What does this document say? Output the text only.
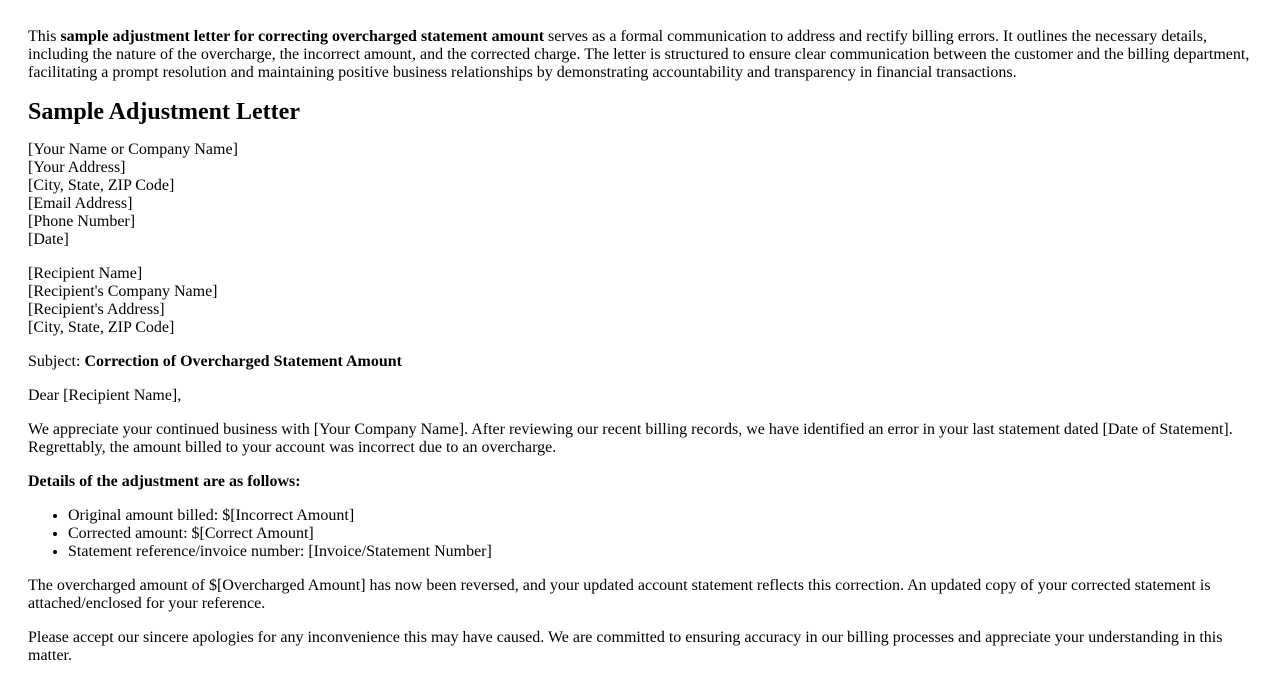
This sample adjustment letter for correcting overcharged statement amount serves as a formal communication to address and rectify billing errors. It outlines the necessary details, including the nature of the overcharge, the incorrect amount, and the corrected charge. The letter is structured to ensure clear communication between the customer and the billing department, facilitating a prompt resolution and maintaining positive business relationships by demonstrating accountability and transparency in financial transactions.

Sample Adjustment Letter

[Your Name or Company Name]
[Your Address]
[City, State, ZIP Code]
[Email Address]
[Phone Number]
[Date]

[Recipient Name]
[Recipient's Company Name]
[Recipient's Address]
[City, State, ZIP Code]

Subject: Correction of Overcharged Statement Amount

Dear [Recipient Name],

We appreciate your continued business with [Your Company Name]. After reviewing our recent billing records, we have identified an error in your last statement dated [Date of Statement]. Regrettably, the amount billed to your account was incorrect due to an overcharge.

Details of the adjustment are as follows:

• Original amount billed: $[Incorrect Amount]
• Corrected amount: $[Correct Amount]
• Statement reference/invoice number: [Invoice/Statement Number]

The overcharged amount of $[Overcharged Amount] has now been reversed, and your updated account statement reflects this correction. An updated copy of your corrected statement is attached/enclosed for your reference.

Please accept our sincere apologies for any inconvenience this may have caused. We are committed to ensuring accuracy in our billing processes and appreciate your understanding in this matter.
